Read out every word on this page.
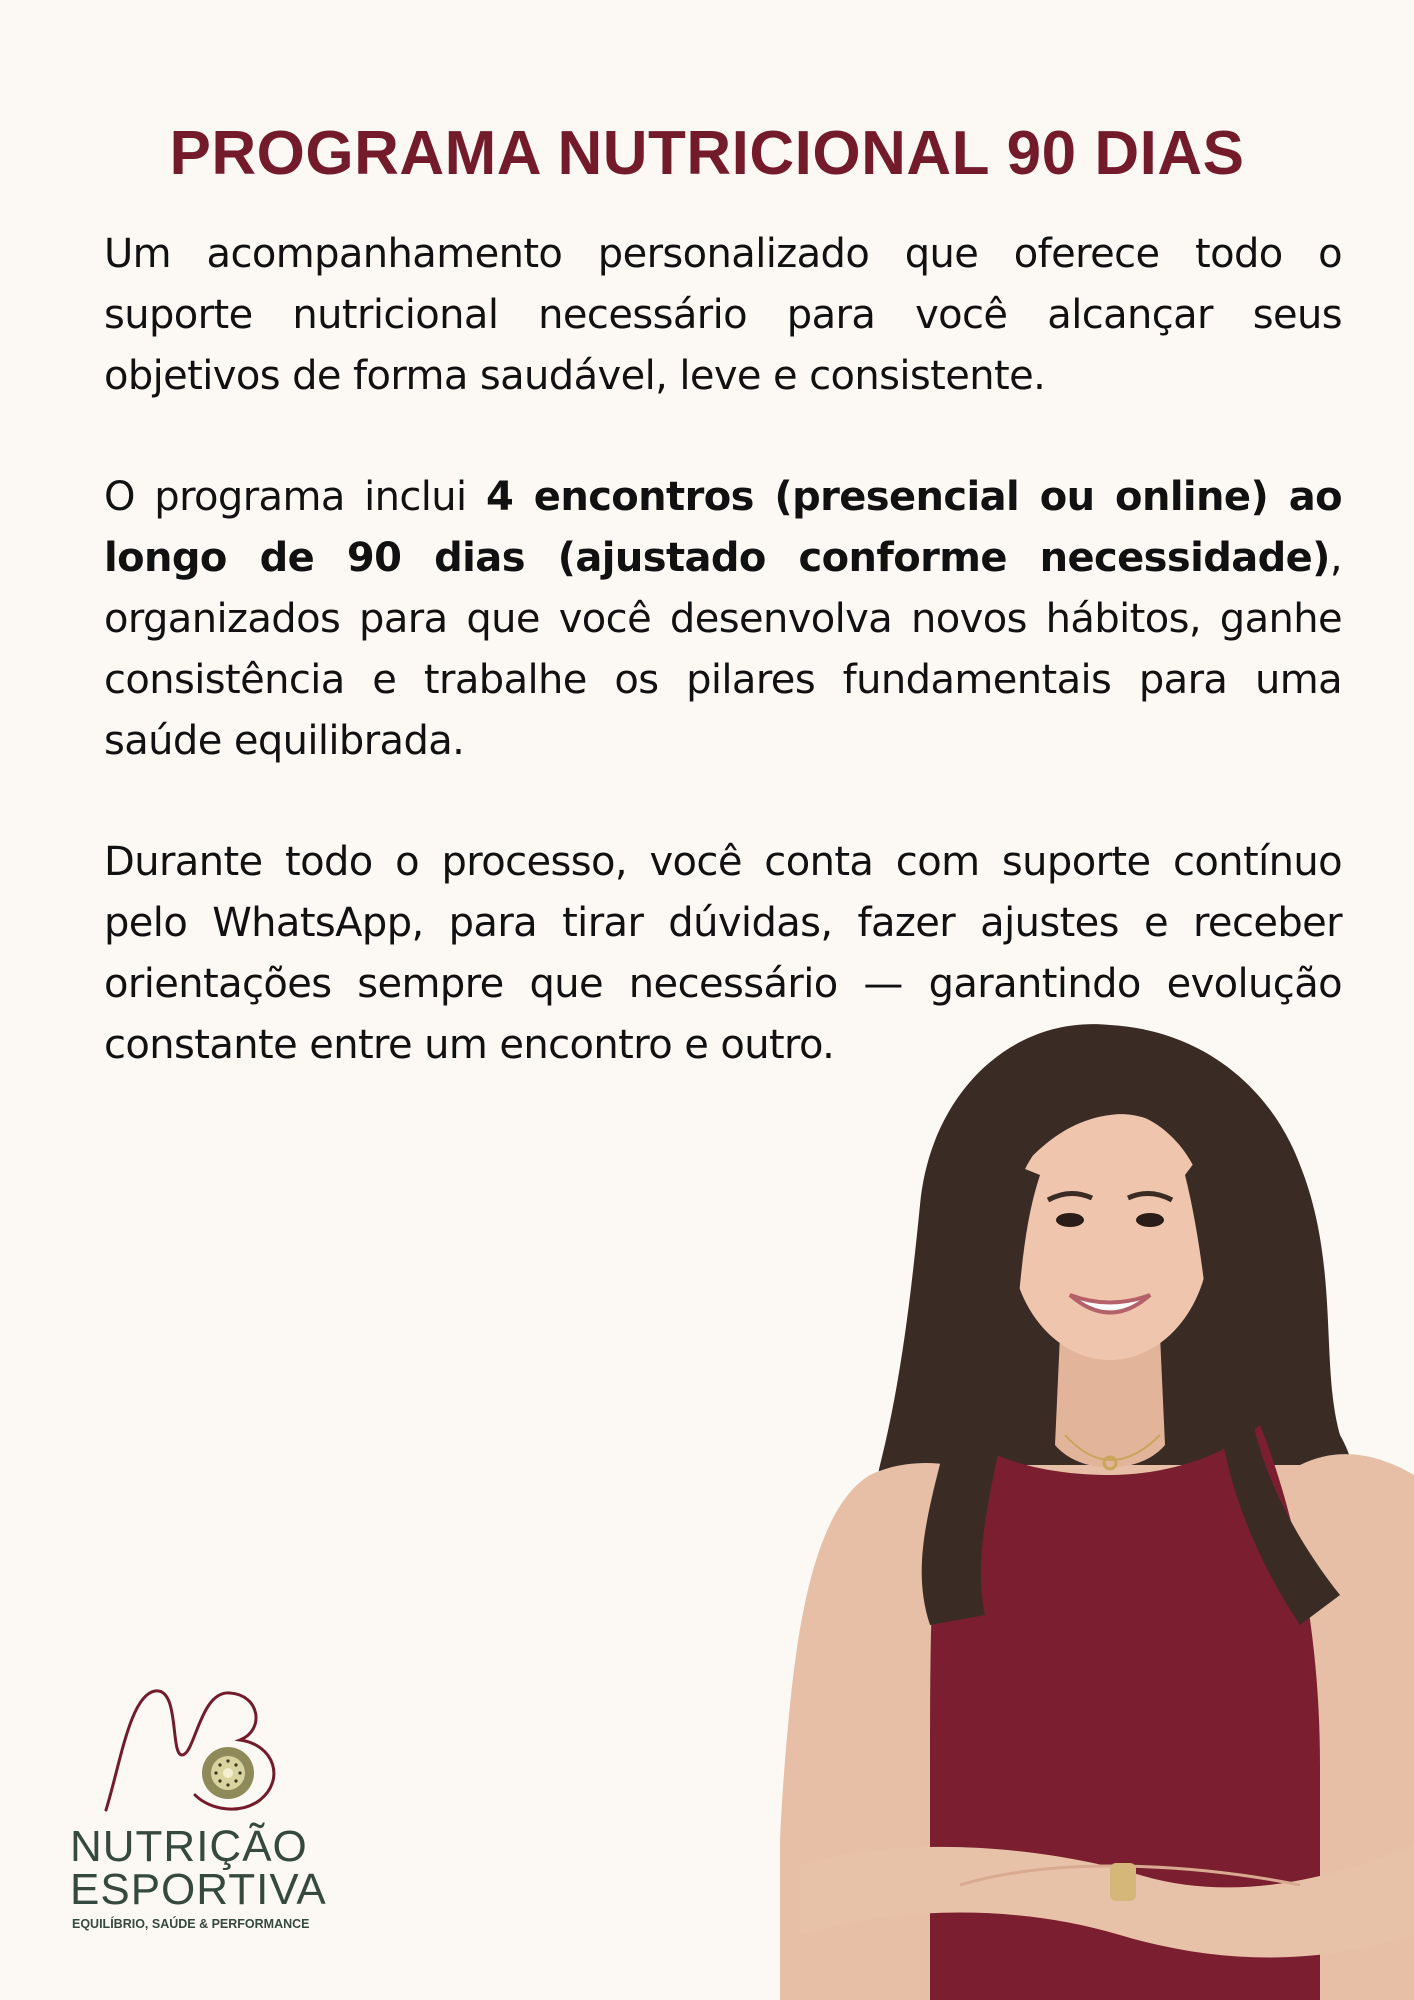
PROGRAMA NUTRICIONAL 90 DIAS

Um acompanhamento personalizado que oferece todo o suporte nutricional necessário para você alcançar seus objetivos de forma saudável, leve e consistente.

O programa inclui 4 encontros (presencial ou online) ao longo de 90 dias (ajustado conforme necessidade), organizados para que você desenvolva novos hábitos, ganhe consistência e trabalhe os pilares fundamentais para uma saúde equilibrada.

Durante todo o processo, você conta com suporte contínuo pelo WhatsApp, para tirar dúvidas, fazer ajustes e receber orientações sempre que necessário — garantindo evolução constante entre um encontro e outro.

NUTRIÇÃO
ESPORTIVA
EQUILÍBRIO, SAÚDE & PERFORMANCE
